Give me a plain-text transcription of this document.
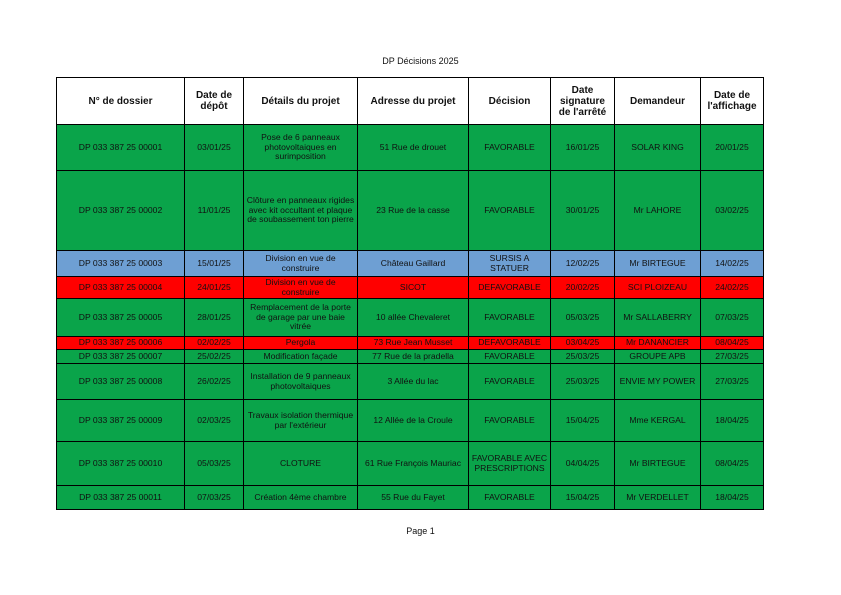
DP Décisions 2025
N° de dossier	Date de dépôt	Détails du projet	Adresse du projet	Décision	Date signature de l'arrêté	Demandeur	Date de l'affichage
DP 033 387 25 00001	03/01/25	Pose de 6 panneaux photovoltaiques en surimposition	51 Rue de drouet	FAVORABLE	16/01/25	SOLAR KING	20/01/25
DP 033 387 25 00002	11/01/25	Clôture en panneaux rigides avec kit occultant et plaque de soubassement ton pierre	23 Rue de la casse	FAVORABLE	30/01/25	Mr LAHORE	03/02/25
DP 033 387 25 00003	15/01/25	Division en vue de construire	Château Gaillard	SURSIS A STATUER	12/02/25	Mr BIRTEGUE	14/02/25
DP 033 387 25 00004	24/01/25	Division en vue de construire	SICOT	DEFAVORABLE	20/02/25	SCI PLOIZEAU	24/02/25
DP 033 387 25 00005	28/01/25	Remplacement de la porte de garage par une baie vitrée	10 allée Chevaleret	FAVORABLE	05/03/25	Mr SALLABERRY	07/03/25
DP 033 387 25 00006	02/02/25	Pergola	73 Rue Jean Musset	DEFAVORABLE	03/04/25	Mr DANANCIER	08/04/25
DP 033 387 25 00007	25/02/25	Modification façade	77 Rue de la pradella	FAVORABLE	25/03/25	GROUPE APB	27/03/25
DP 033 387 25 00008	26/02/25	Installation de 9 panneaux photovoltaiques	3 Allée du lac	FAVORABLE	25/03/25	ENVIE MY POWER	27/03/25
DP 033 387 25 00009	02/03/25	Travaux isolation thermique par l'extérieur	12 Allée de la Croule	FAVORABLE	15/04/25	Mme KERGAL	18/04/25
DP 033 387 25 00010	05/03/25	CLOTURE	61 Rue François Mauriac	FAVORABLE AVEC PRESCRIPTIONS	04/04/25	Mr BIRTEGUE	08/04/25
DP 033 387 25 00011	07/03/25	Création 4ème chambre	55 Rue du Fayet	FAVORABLE	15/04/25	Mr VERDELLET	18/04/25
Page 1
